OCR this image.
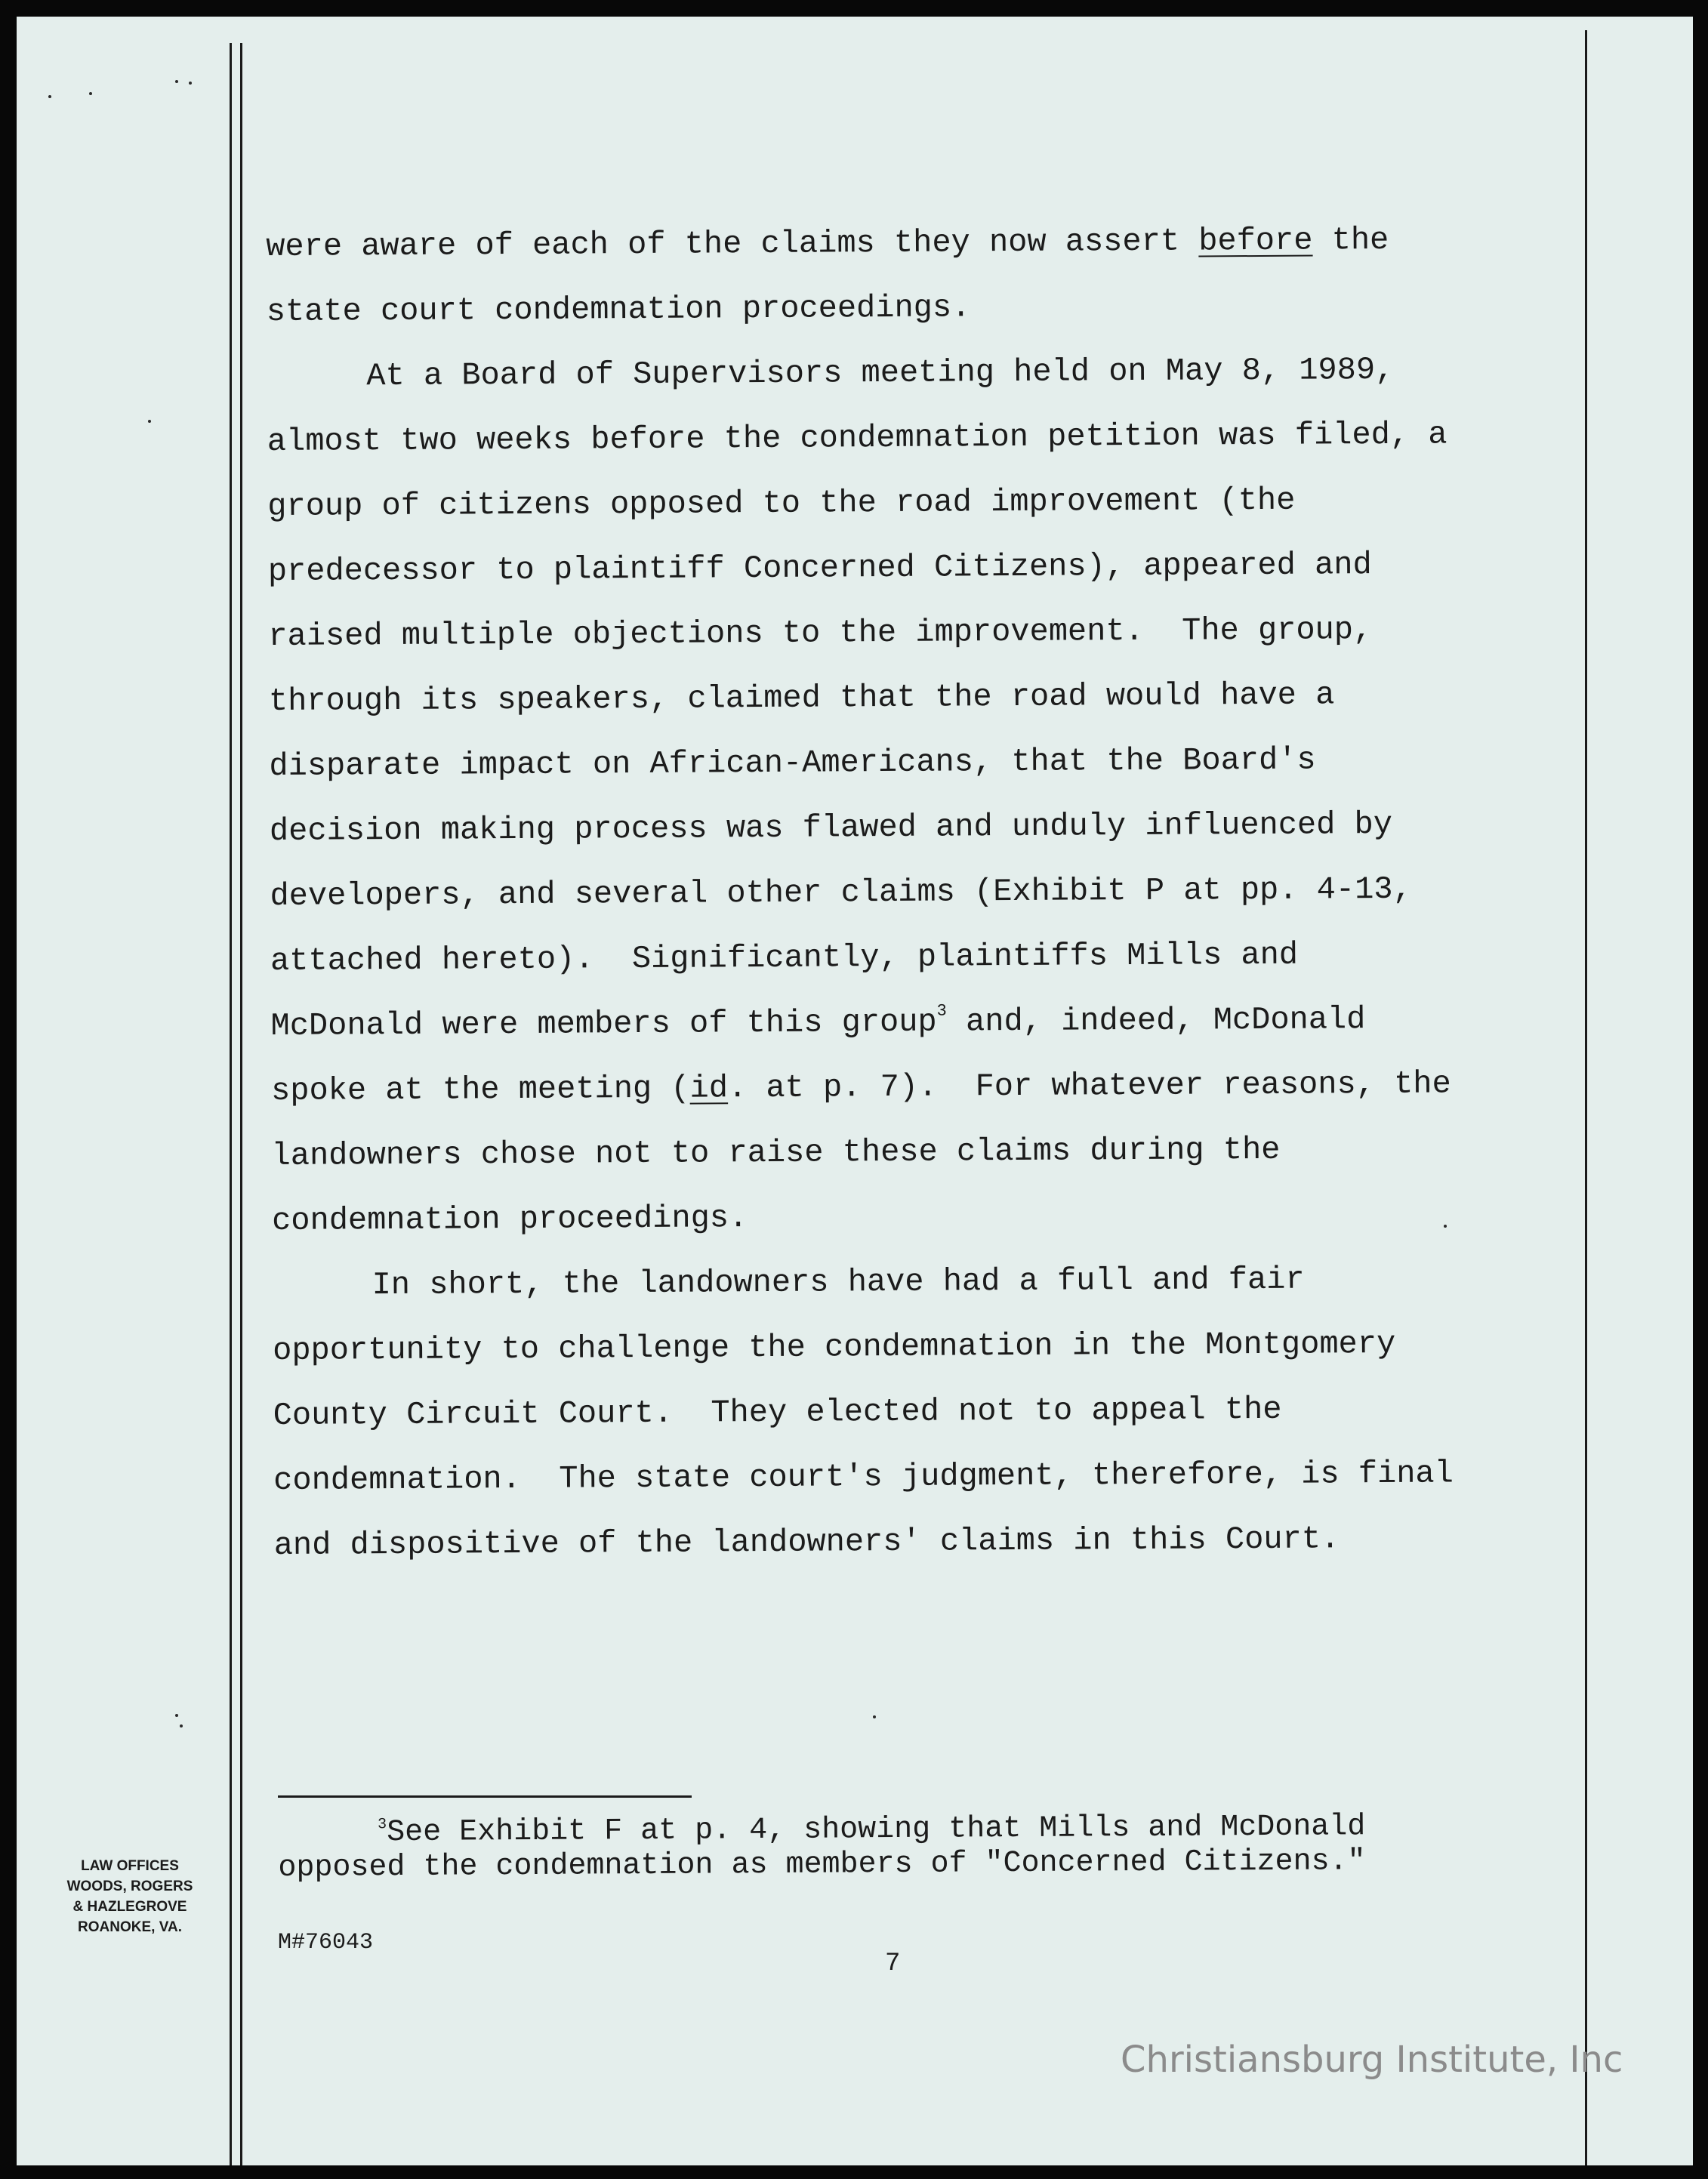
were aware of each of the claims they now assert before the
state court condemnation proceedings.
At a Board of Supervisors meeting held on May 8, 1989,
almost two weeks before the condemnation petition was filed, a
group of citizens opposed to the road improvement (the
predecessor to plaintiff Concerned Citizens), appeared and
raised multiple objections to the improvement.  The group,
through its speakers, claimed that the road would have a
disparate impact on African-Americans, that the Board's
decision making process was flawed and unduly influenced by
developers, and several other claims (Exhibit P at pp. 4-13,
attached hereto).  Significantly, plaintiffs Mills and
McDonald were members of this group$^3$ and, indeed, McDonald
spoke at the meeting (id. at p. 7).  For whatever reasons, the
landowners chose not to raise these claims during the
condemnation proceedings.
In short, the landowners have had a full and fair
opportunity to challenge the condemnation in the Montgomery
County Circuit Court.  They elected not to appeal the
condemnation.  The state court's judgment, therefore, is final
and dispositive of the landowners' claims in this Court.
$^3$See Exhibit F at p. 4, showing that Mills and McDonald
opposed the condemnation as members of "Concerned Citizens."
M#76043
7
LAW OFFICES
WOODS, ROGERS
& HAZLEGROVE
ROANOKE, VA.
Christiansburg Institute, Inc
